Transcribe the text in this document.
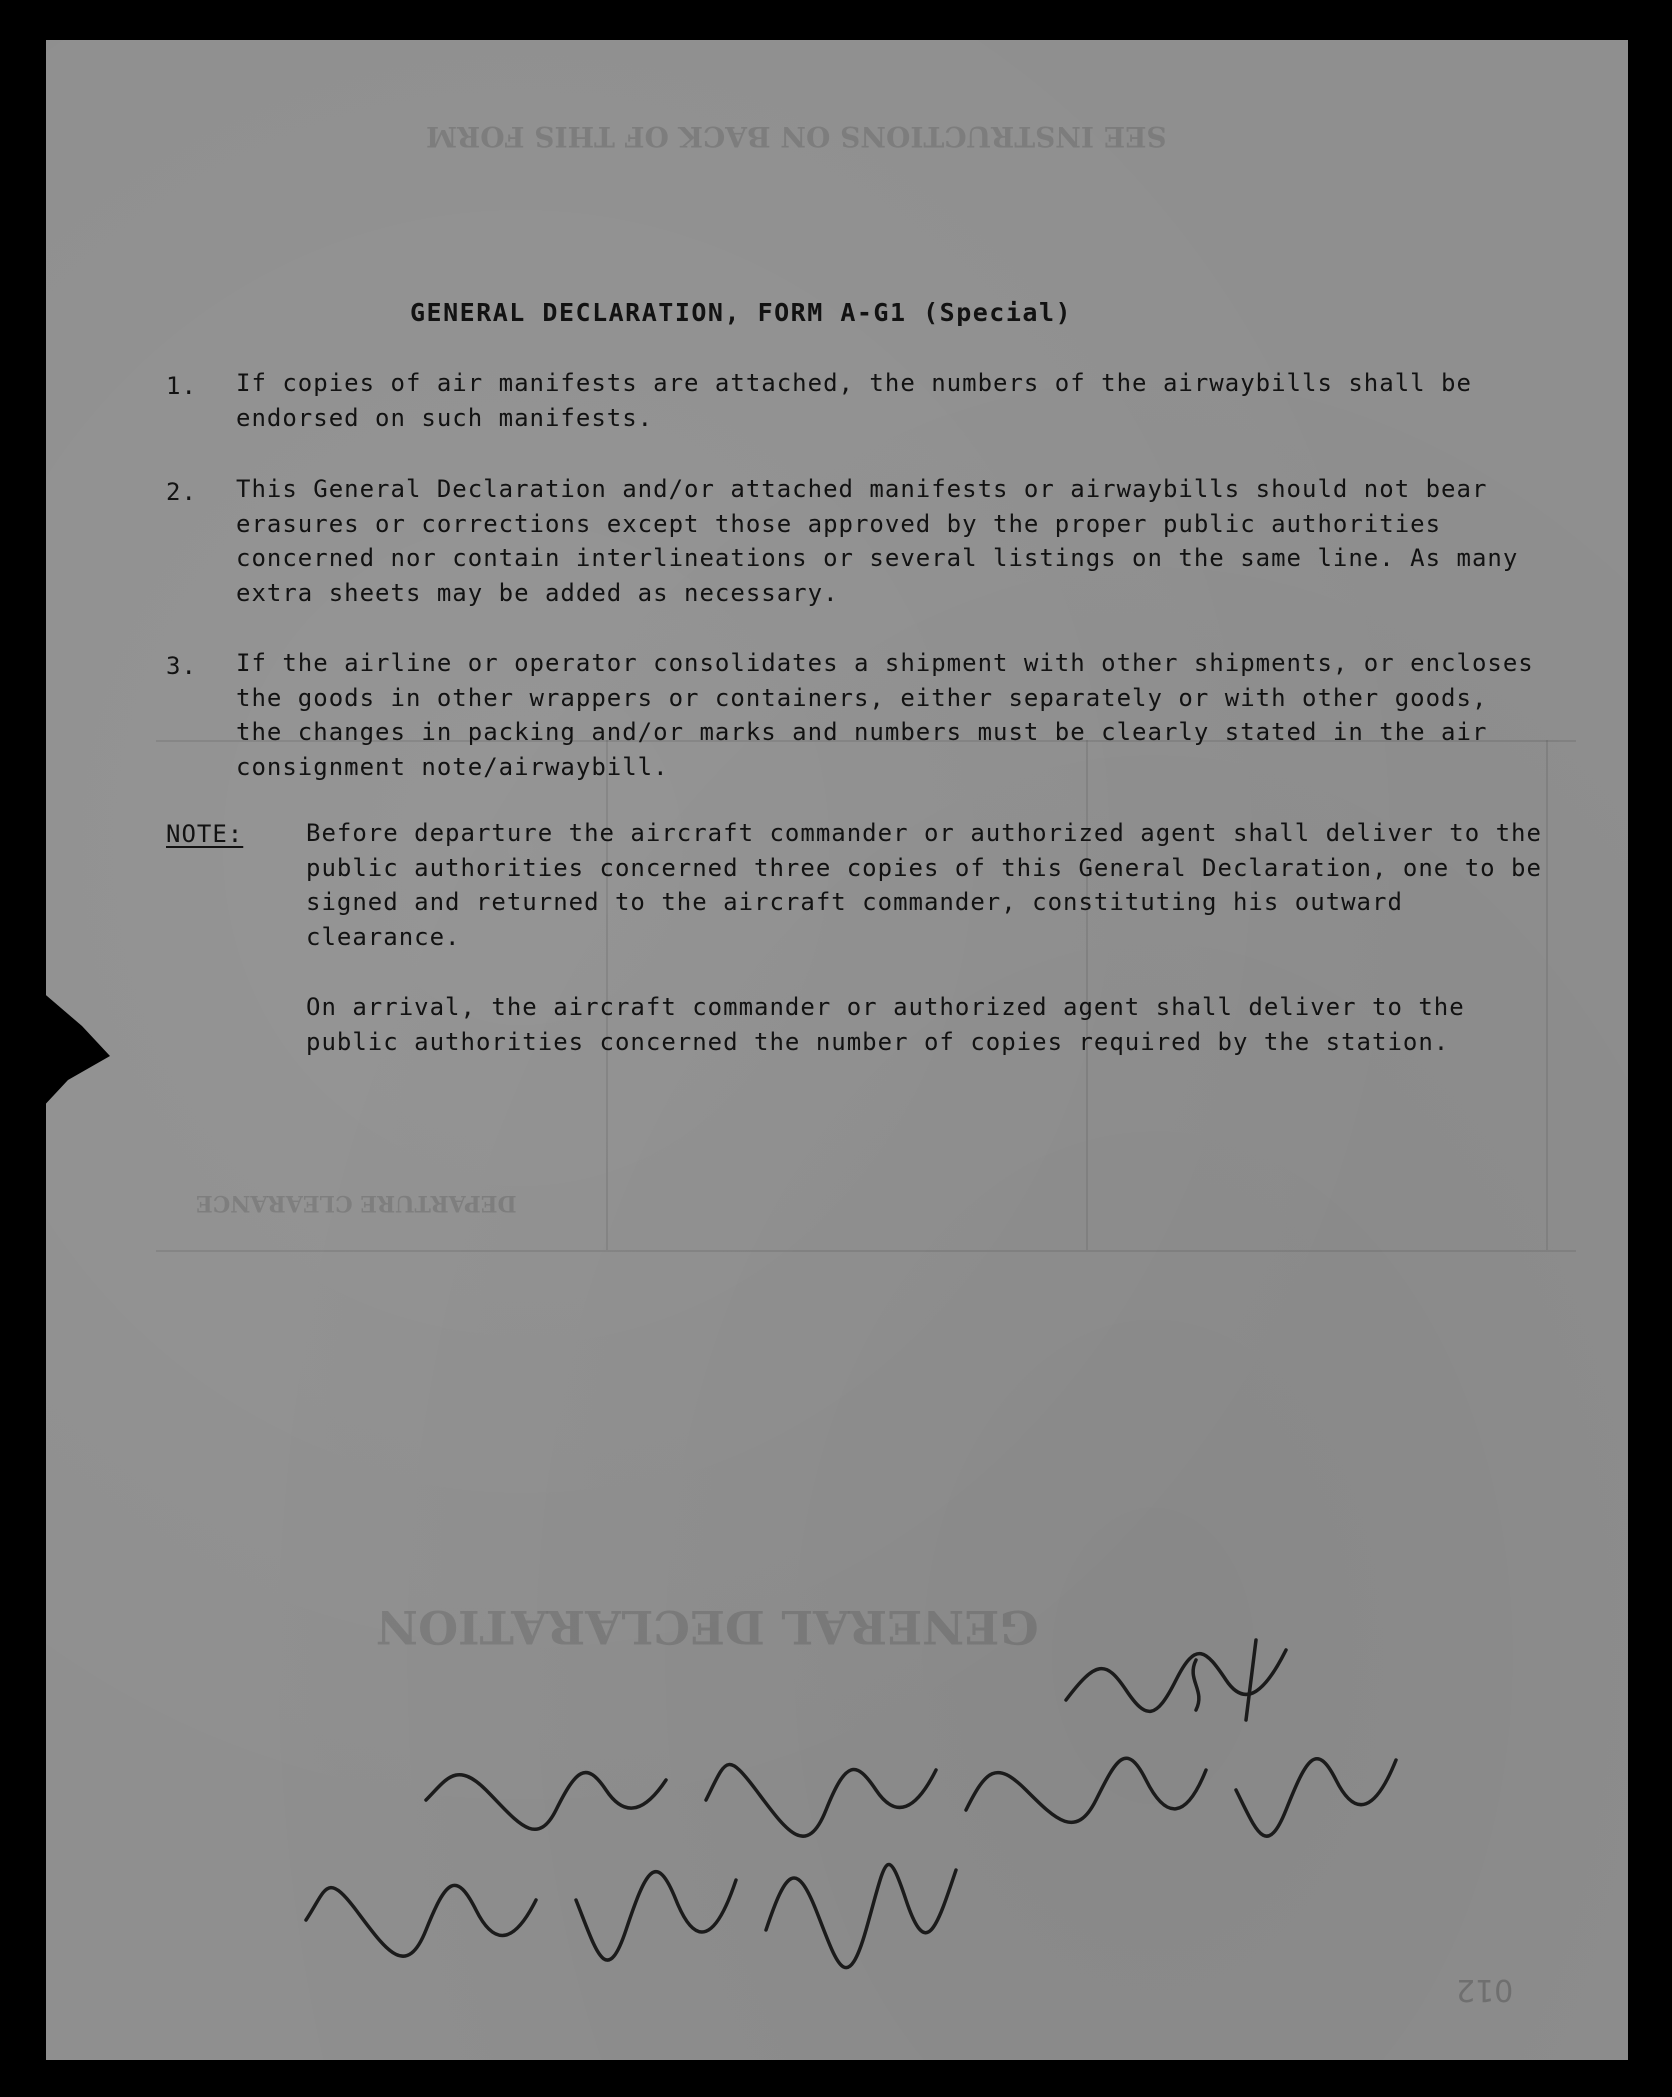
SEE INSTRUCTIONS ON BACK OF THIS FORM
DEPARTURE CLEARANCE
GENERAL DECLARATION
GENERAL DECLARATION, FORM A-G1 (Special)
1. If copies of air manifests are attached, the numbers of the airwaybills shall be endorsed on such manifests.
2. This General Declaration and/or attached manifests or airwaybills should not bear erasures or corrections except those approved by the proper public authorities concerned nor contain interlineations or several listings on the same line. As many extra sheets may be added as necessary.
3. If the airline or operator consolidates a shipment with other shipments, or encloses the goods in other wrappers or containers, either separately or with other goods, the changes in packing and/or marks and numbers must be clearly stated in the air consignment note/airwaybill.
NOTE:	Before departure the aircraft commander or authorized agent shall deliver to the public authorities concerned three copies of this General Declaration, one to be signed and returned to the aircraft commander, constituting his outward clearance.
On arrival, the aircraft commander or authorized agent shall deliver to the public authorities concerned the number of copies required by the station.
012
